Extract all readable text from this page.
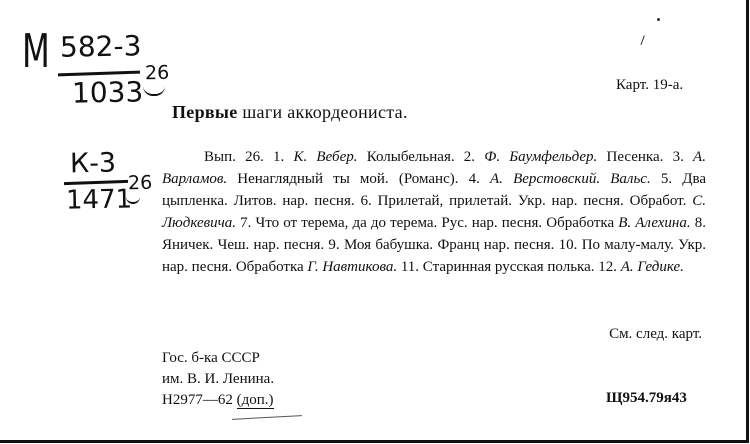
М 582-3
1033
26
К-3
1471
26
Карт. 19-а.
Первые шаги аккордеониста.
Вып. 26. 1. К. Вебер. Колыбельная. 2. Ф. Баумфельдер. Песенка. 3. А. Варламов. Ненаглядный ты мой. (Романс). 4. А. Верстовский. Вальс. 5. Два цыпленка. Литов. нар. песня. 6. Прилетай, прилетай. Укр. нар. песня. Обработ. С. Людкевича. 7. Что от терема, да до терема. Рус. нар. песня. Обработка В. Алехина. 8. Яничек. Чеш. нар. песня. 9. Моя бабушка. Франц нар. песня. 10. По малу-малу. Укр. нар. песня. Обработка Г. Навтикова. 11. Старинная русская полька. 12. А. Гедике.
См. след. карт.
Гос. б-ка СССР
им. В. И. Ленина.
Н2977—62 (доп.)	Щ954.79я43
